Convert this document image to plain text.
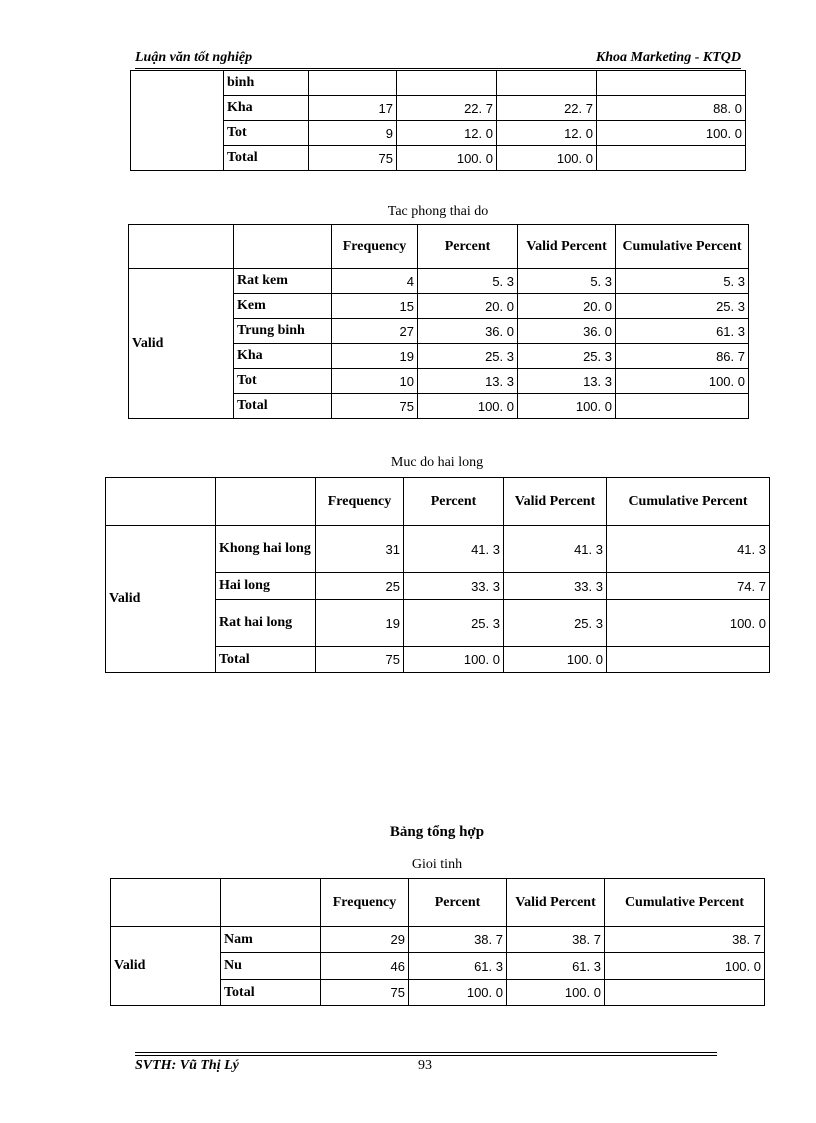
Luận văn tốt nghiệp	Khoa Marketing - KTQD
	binh				
	Kha	17	22. 7	22. 7	88. 0
	Tot	9	12. 0	12. 0	100. 0
	Total	75	100. 0	100. 0	
Tac phong thai do
		Frequency	Percent	Valid Percent	Cumulative Percent
Valid	Rat kem	4	5. 3	5. 3	5. 3
	Kem	15	20. 0	20. 0	25. 3
	Trung binh	27	36. 0	36. 0	61. 3
	Kha	19	25. 3	25. 3	86. 7
	Tot	10	13. 3	13. 3	100. 0
	Total	75	100. 0	100. 0	
Muc do hai long
		Frequency	Percent	Valid Percent	Cumulative Percent
Valid	Khong hai long	31	41. 3	41. 3	41. 3
	Hai long	25	33. 3	33. 3	74. 7
	Rat hai long	19	25. 3	25. 3	100. 0
	Total	75	100. 0	100. 0	
Bảng tổng hợp
Gioi tinh
		Frequency	Percent	Valid Percent	Cumulative Percent
Valid	Nam	29	38. 7	38. 7	38. 7
	Nu	46	61. 3	61. 3	100. 0
	Total	75	100. 0	100. 0	
SVTH: Vũ Thị Lý	93
